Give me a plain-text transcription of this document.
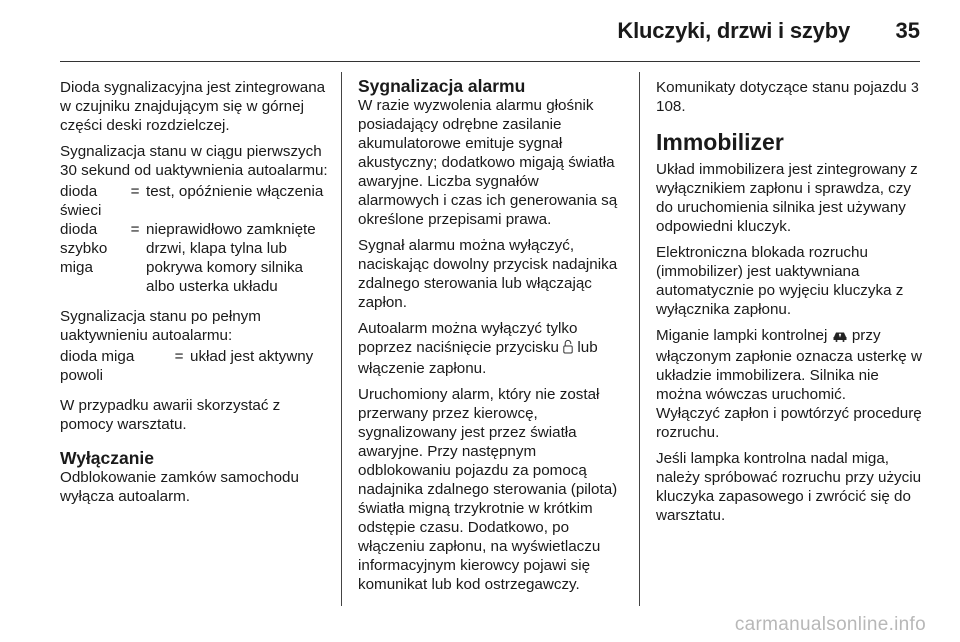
Kluczyki, drzwi i szyby 35

Dioda sygnalizacyjna jest zintegrowana w czujniku znajdującym się w górnej części deski rozdzielczej.

Sygnalizacja stanu w ciągu pierwszych 30 sekund od uaktywnienia autoalarmu:

dioda świeci	=	test, opóźnienie włączenia
dioda szybko miga	=	nieprawidłowo zamknięte drzwi, klapa tylna lub pokrywa komory silnika albo usterka układu

Sygnalizacja stanu po pełnym uaktywnieniu autoalarmu:

dioda miga powoli	=	układ jest aktywny

W przypadku awarii skorzystać z pomocy warsztatu.

Wyłączanie

Odblokowanie zamków samochodu wyłącza autoalarm.

Sygnalizacja alarmu

W razie wyzwolenia alarmu głośnik posiadający odrębne zasilanie akumulatorowe emituje sygnał akustyczny; dodatkowo migają światła awaryjne. Liczba sygnałów alarmowych i czas ich generowania są określone przepisami prawa.

Sygnał alarmu można wyłączyć, naciskając dowolny przycisk nadajnika zdalnego sterowania lub włączając zapłon.

Autoalarm można wyłączyć tylko poprzez naciśnięcie przycisku lub włączenie zapłonu.

Uruchomiony alarm, który nie został przerwany przez kierowcę, sygnalizowany jest przez światła awaryjne. Przy następnym odblokowaniu pojazdu za pomocą nadajnika zdalnego sterowania (pilota) światła migną trzykrotnie w krótkim odstępie czasu. Dodatkowo, po włączeniu zapłonu, na wyświetlaczu informacyjnym kierowcy pojawi się komunikat lub kod ostrzegawczy.

Komunikaty dotyczące stanu pojazdu 3 108.

Immobilizer

Układ immobilizera jest zintegrowany z wyłącznikiem zapłonu i sprawdza, czy do uruchomienia silnika jest używany odpowiedni kluczyk.

Elektroniczna blokada rozruchu (immobilizer) jest uaktywniana automatycznie po wyjęciu kluczyka z wyłącznika zapłonu.

Miganie lampki kontrolnej przy włączonym zapłonie oznacza usterkę w układzie immobilizera. Silnika nie można wówczas uruchomić.

Wyłączyć zapłon i powtórzyć procedurę rozruchu.

Jeśli lampka kontrolna nadal miga, należy spróbować rozruchu przy użyciu kluczyka zapasowego i zwrócić się do warsztatu.

carmanualsonline.info
